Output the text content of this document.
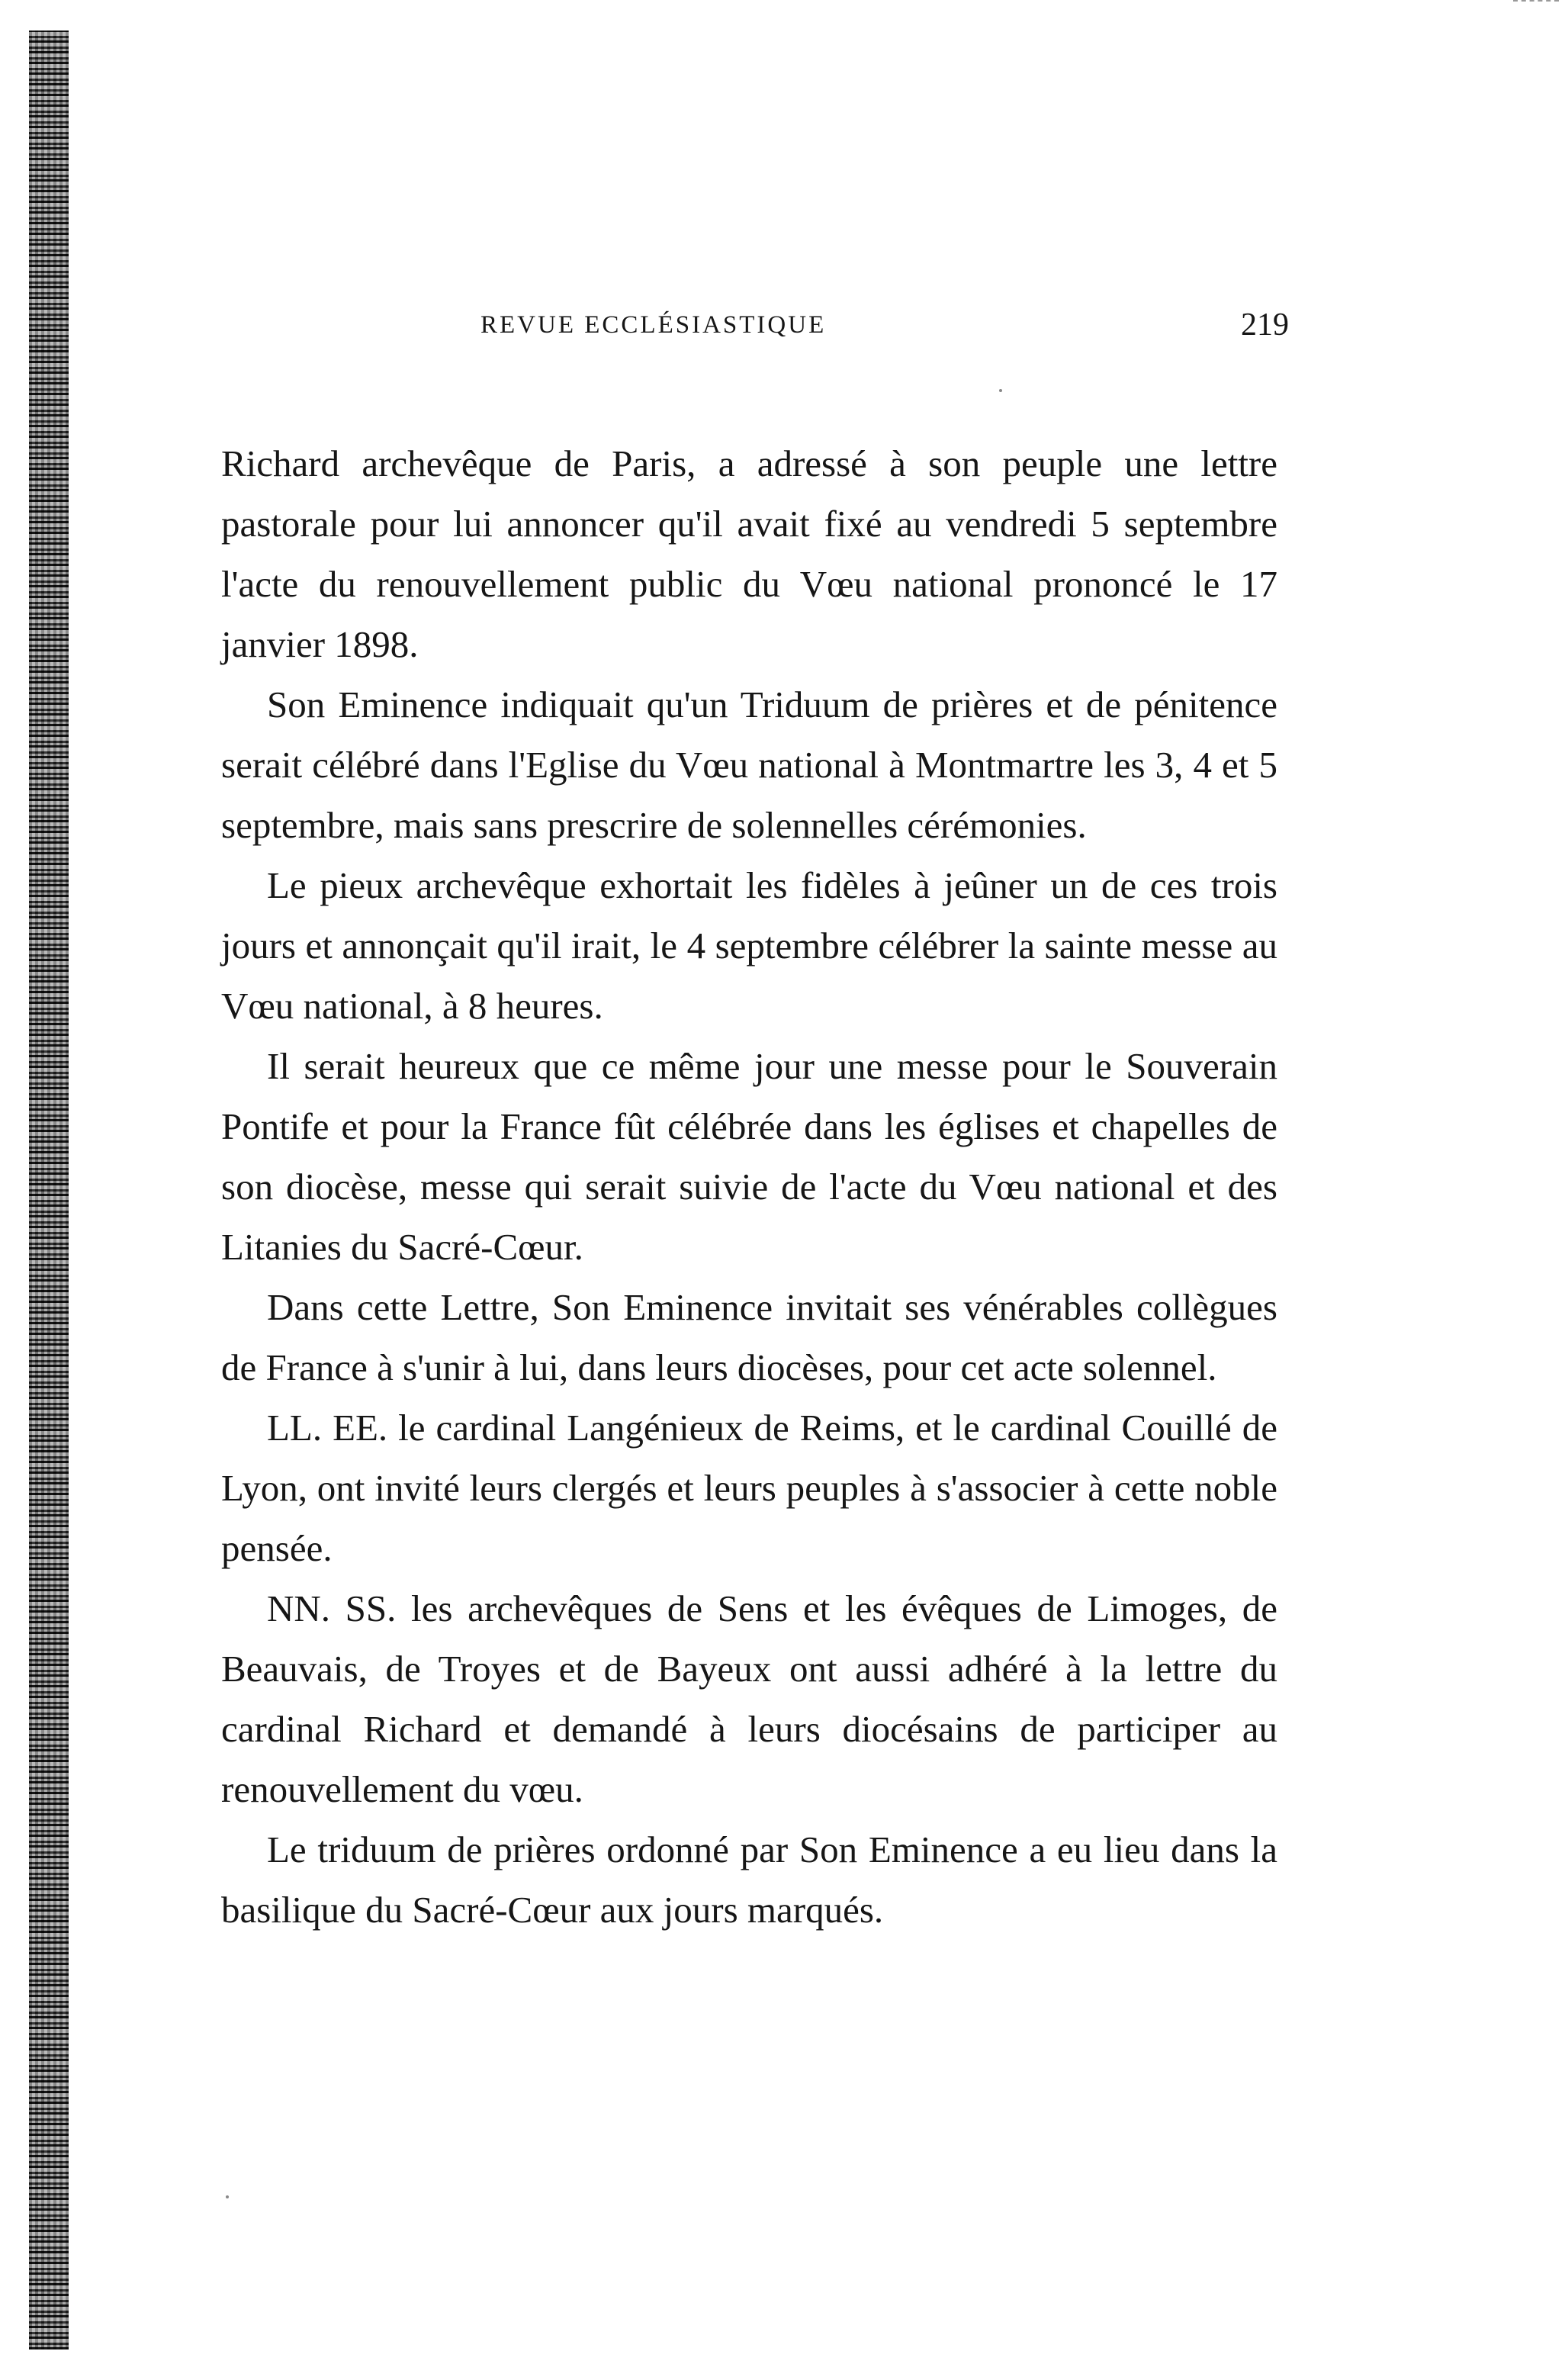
REVUE ECCLÉSIASTIQUE	219

Richard archevêque de Paris, a adressé à son peuple une lettre pastorale pour lui annoncer qu'il avait fixé au vendredi 5 septembre l'acte du renouvellement public du Vœu national prononcé le 17 janvier 1898.

Son Eminence indiquait qu'un Triduum de prières et de pénitence serait célébré dans l'Eglise du Vœu national à Montmartre les 3, 4 et 5 septembre, mais sans prescrire de solennelles cérémonies.

Le pieux archevêque exhortait les fidèles à jeûner un de ces trois jours et annonçait qu'il irait, le 4 septembre célébrer la sainte messe au Vœu national, à 8 heures.

Il serait heureux que ce même jour une messe pour le Souverain Pontife et pour la France fût célébrée dans les églises et chapelles de son diocèse, messe qui serait suivie de l'acte du Vœu national et des Litanies du Sacré-Cœur.

Dans cette Lettre, Son Eminence invitait ses vénérables collègues de France à s'unir à lui, dans leurs diocèses, pour cet acte solennel.

LL. EE. le cardinal Langénieux de Reims, et le cardinal Couillé de Lyon, ont invité leurs clergés et leurs peuples à s'associer à cette noble pensée.

NN. SS. les archevêques de Sens et les évêques de Limoges, de Beauvais, de Troyes et de Bayeux ont aussi adhéré à la lettre du cardinal Richard et demandé à leurs diocésains de participer au renouvellement du vœu.

Le triduum de prières ordonné par Son Eminence a eu lieu dans la basilique du Sacré-Cœur aux jours marqués.
